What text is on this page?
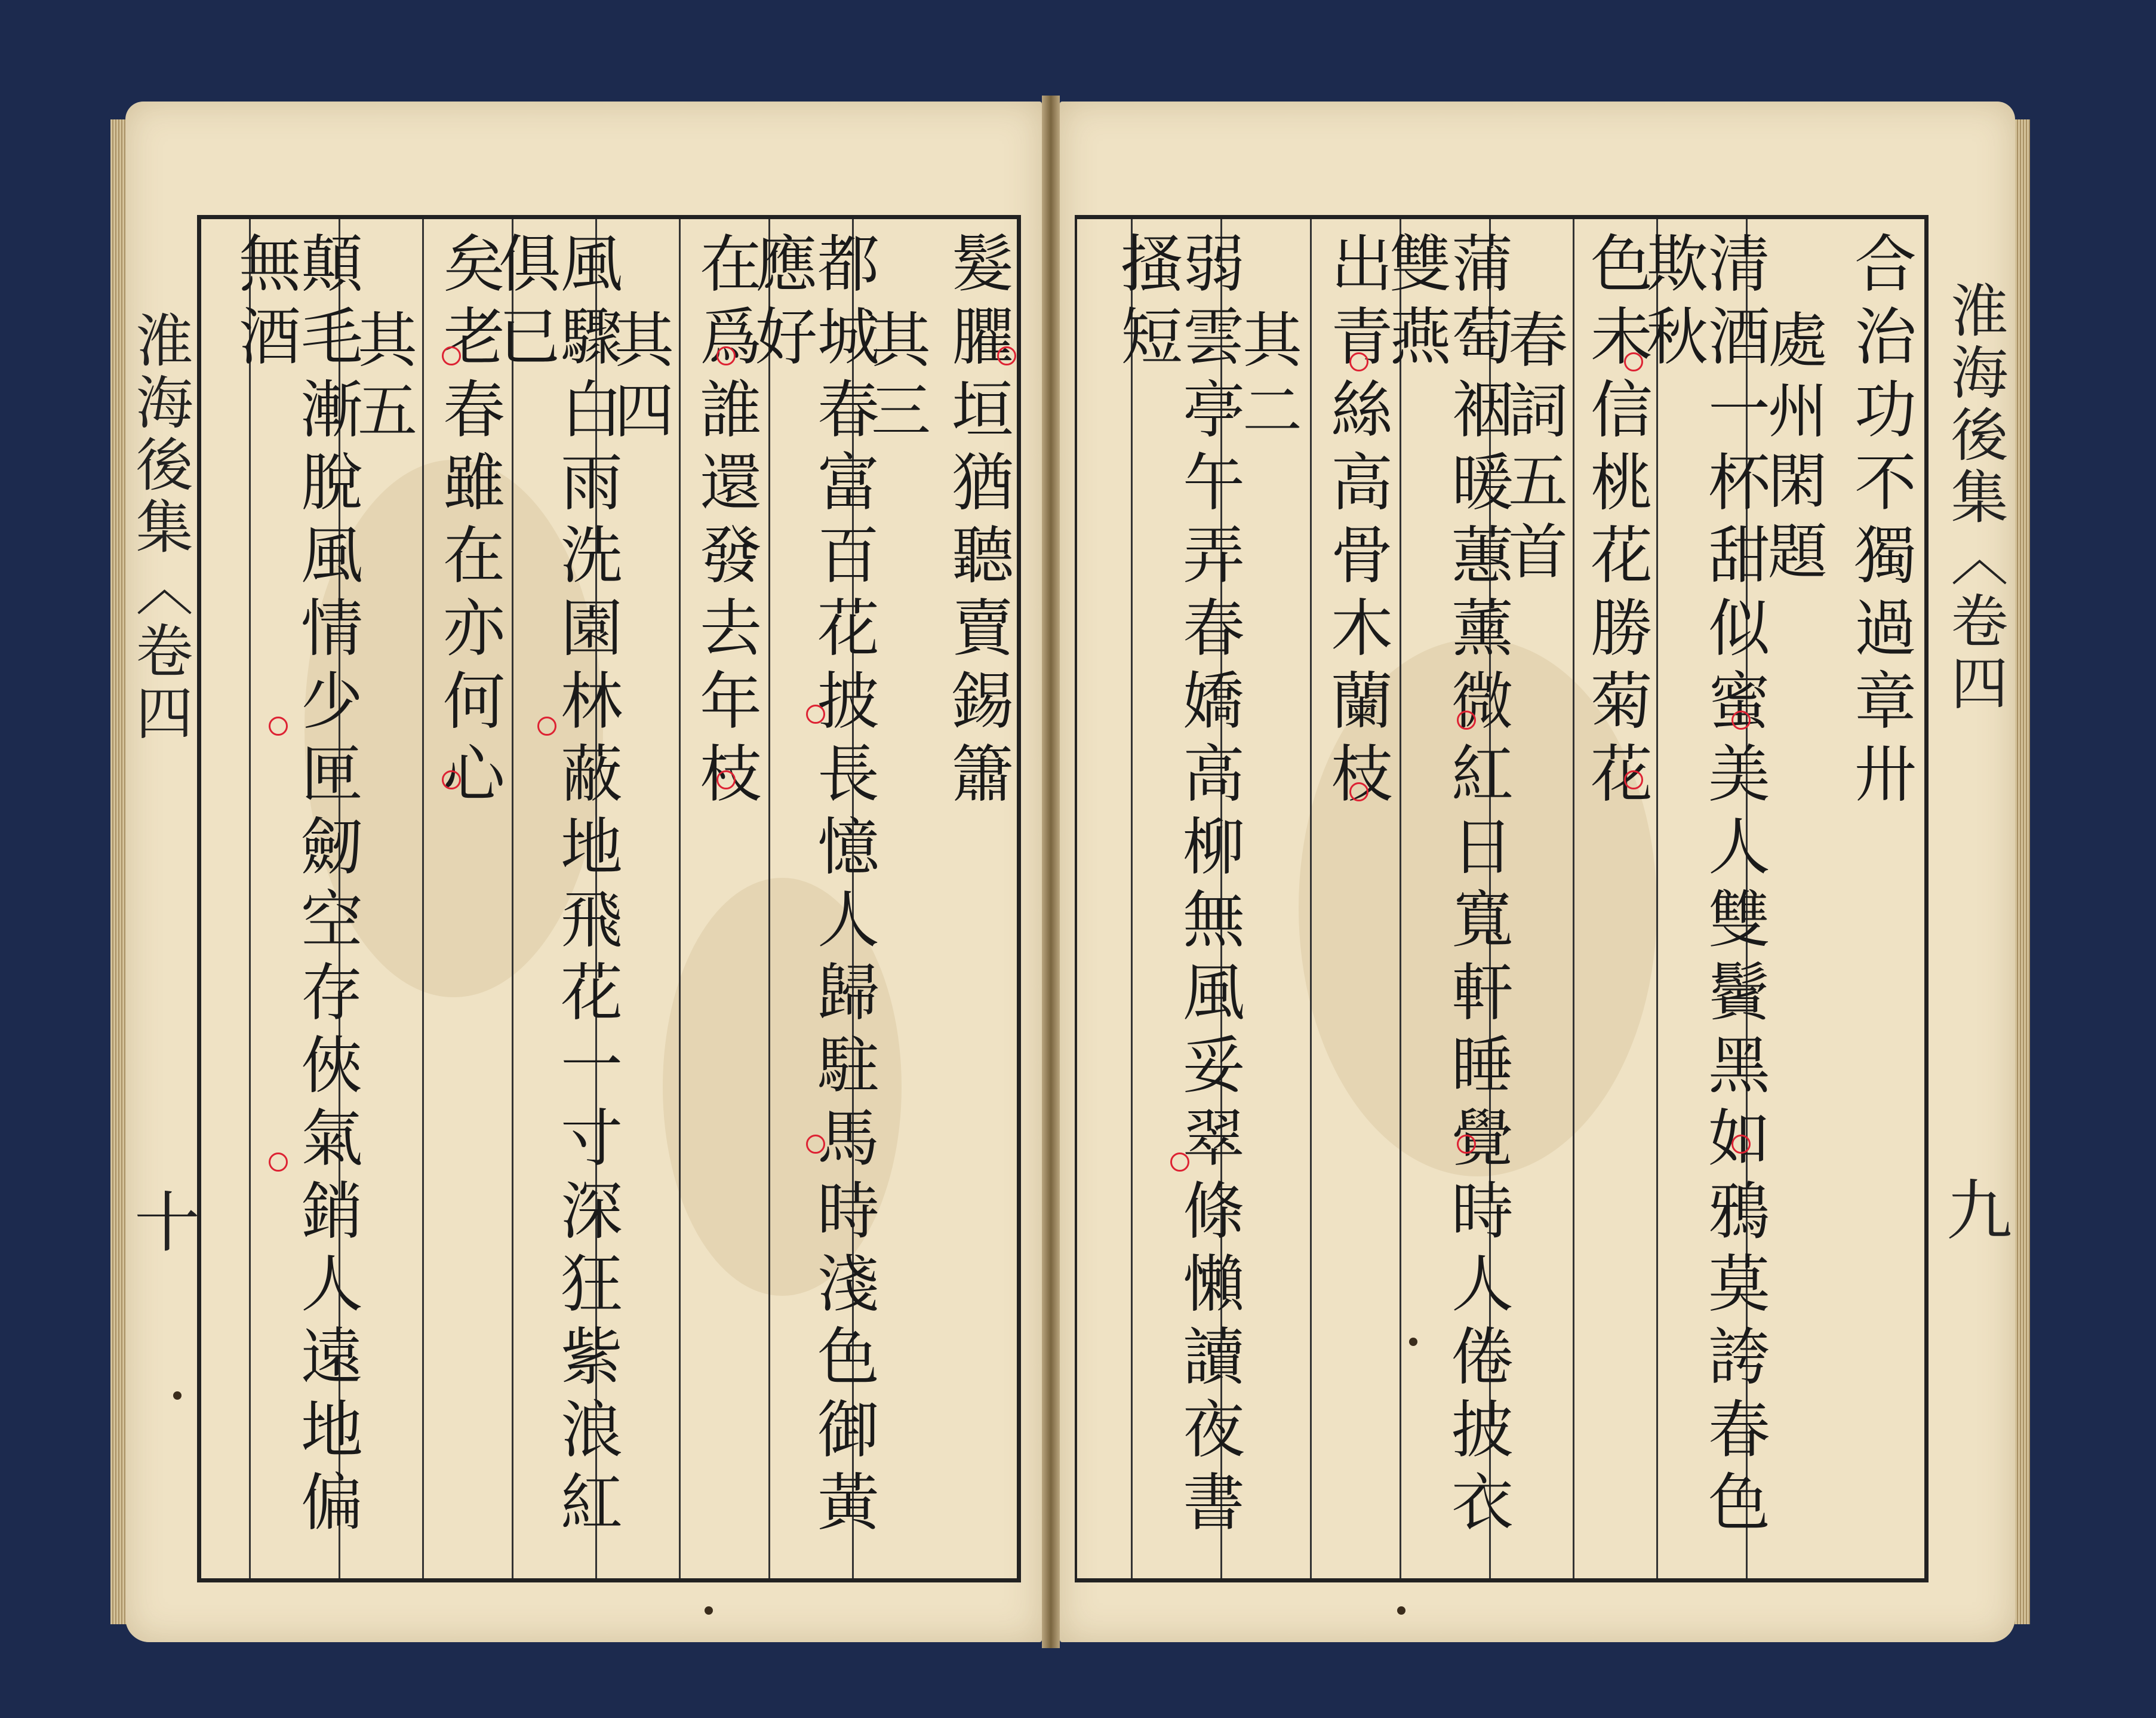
淮海後集〈卷四
十
淮海後集〈卷四
九
髮臞垣猶聽賣錫簫
其三
都城春富百花披長憶人歸駐馬時淺色御黃應好
在爲誰還發去年枝
其四
風驟白雨洗園林蔽地飛花一寸深狂紫浪紅俱已
矣老春雖在亦何心
其五
顛毛漸脫風情少匣劒空存俠氣銷人遠地偏無酒	合治功不獨過章卅
處州閑題
清酒一杯甜似蜜美人雙鬢黑如鴉莫誇春色欺秋
色未信桃花勝菊花
春詞五首
蒲萄裀暖蕙薰微紅日寬軒睡覺時人倦披衣雙燕
出青絲高骨木蘭枝
其二
弱雲亭午弄春嬌高柳無風妥翠條懶讀夜書搔短
